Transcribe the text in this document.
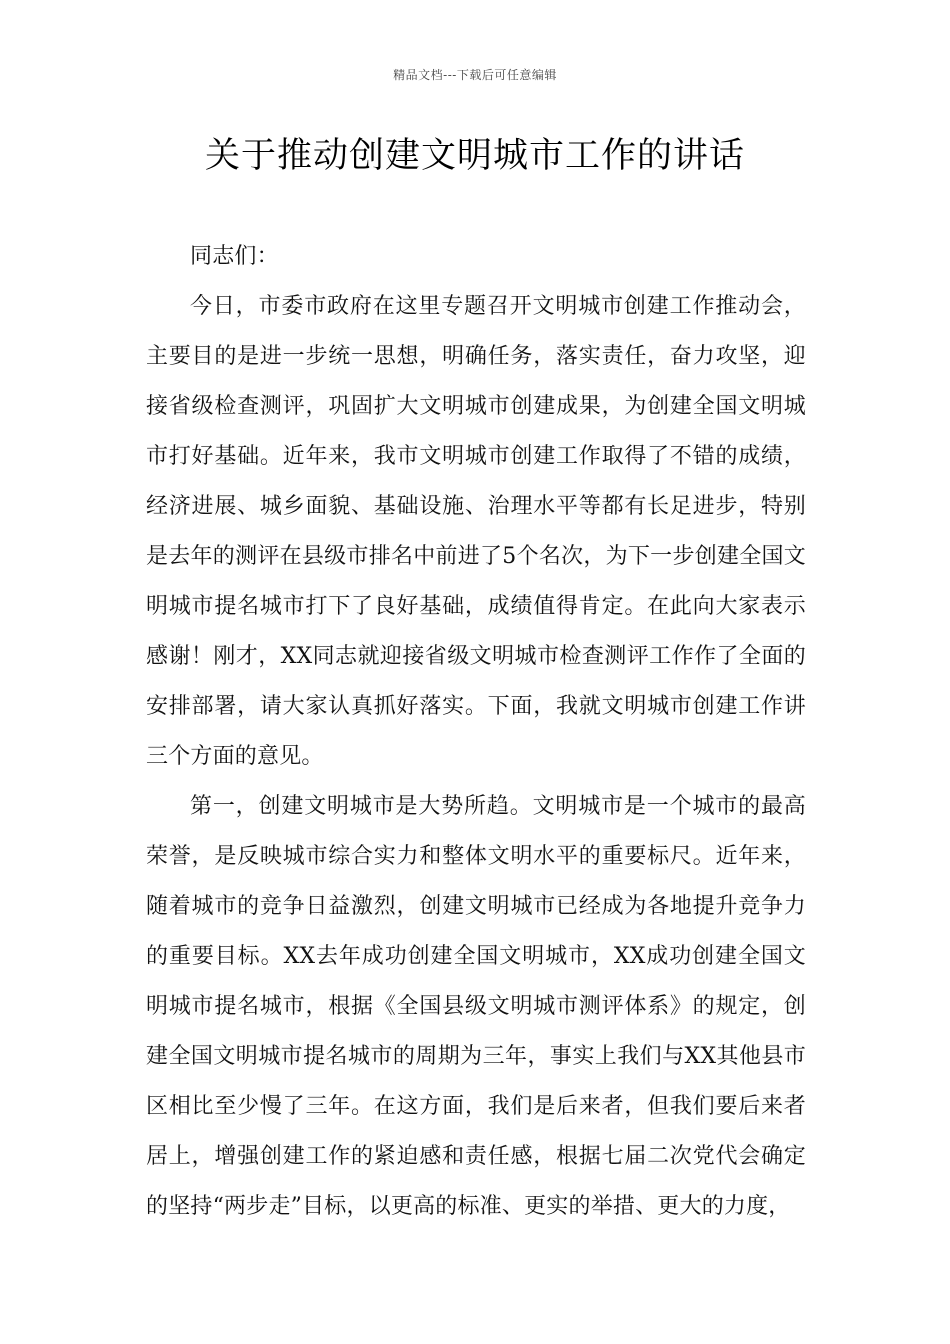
精品文档---下载后可任意编辑
关于推动创建文明城市工作的讲话

同志们：

今日，市委市政府在这里专题召开文明城市创建工作推动会，主要目的是进一步统一思想，明确任务，落实责任，奋力攻坚，迎接省级检查测评，巩固扩大文明城市创建成果，为创建全国文明城市打好基础。近年来，我市文明城市创建工作取得了不错的成绩，经济进展、城乡面貌、基础设施、治理水平等都有长足进步，特别是去年的测评在县级市排名中前进了5个名次，为下一步创建全国文明城市提名城市打下了良好基础，成绩值得肯定。在此向大家表示感谢！刚才，XX同志就迎接省级文明城市检查测评工作作了全面的安排部署，请大家认真抓好落实。下面，我就文明城市创建工作讲三个方面的意见。

第一，创建文明城市是大势所趋。文明城市是一个城市的最高荣誉，是反映城市综合实力和整体文明水平的重要标尺。近年来，随着城市的竞争日益激烈，创建文明城市已经成为各地提升竞争力的重要目标。XX去年成功创建全国文明城市，XX成功创建全国文明城市提名城市，根据《全国县级文明城市测评体系》的规定，创建全国文明城市提名城市的周期为三年，事实上我们与XX其他县市区相比至少慢了三年。在这方面，我们是后来者，但我们要后来者居上，增强创建工作的紧迫感和责任感，根据七届二次党代会确定的坚持“两步走”目标，以更高的标准、更实的举措、更大的力度，
